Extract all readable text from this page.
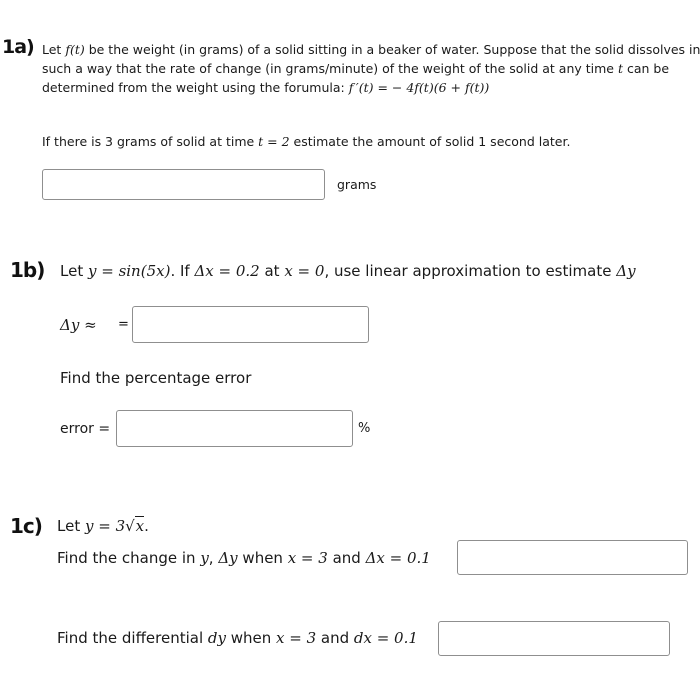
1a) Let f(t) be the weight (in grams) of a solid sitting in a beaker of water. Suppose that the solid dissolves in
such a way that the rate of change (in grams/minute) of the weight of the solid at any time t can be
determined from the weight using the forumula: f ′(t) = − 4f(t)(6 + f(t))
If there is 3 grams of solid at time t = 2 estimate the amount of solid 1 second later.
grams
1b) Let y = sin(5x). If Δx = 0.2 at x = 0, use linear approximation to estimate Δy
Δy ≈ =
Find the percentage error
error =	%
1c) Let y = 3√x.
Find the change in y, Δy when x = 3 and Δx = 0.1
Find the differential dy when x = 3 and dx = 0.1
